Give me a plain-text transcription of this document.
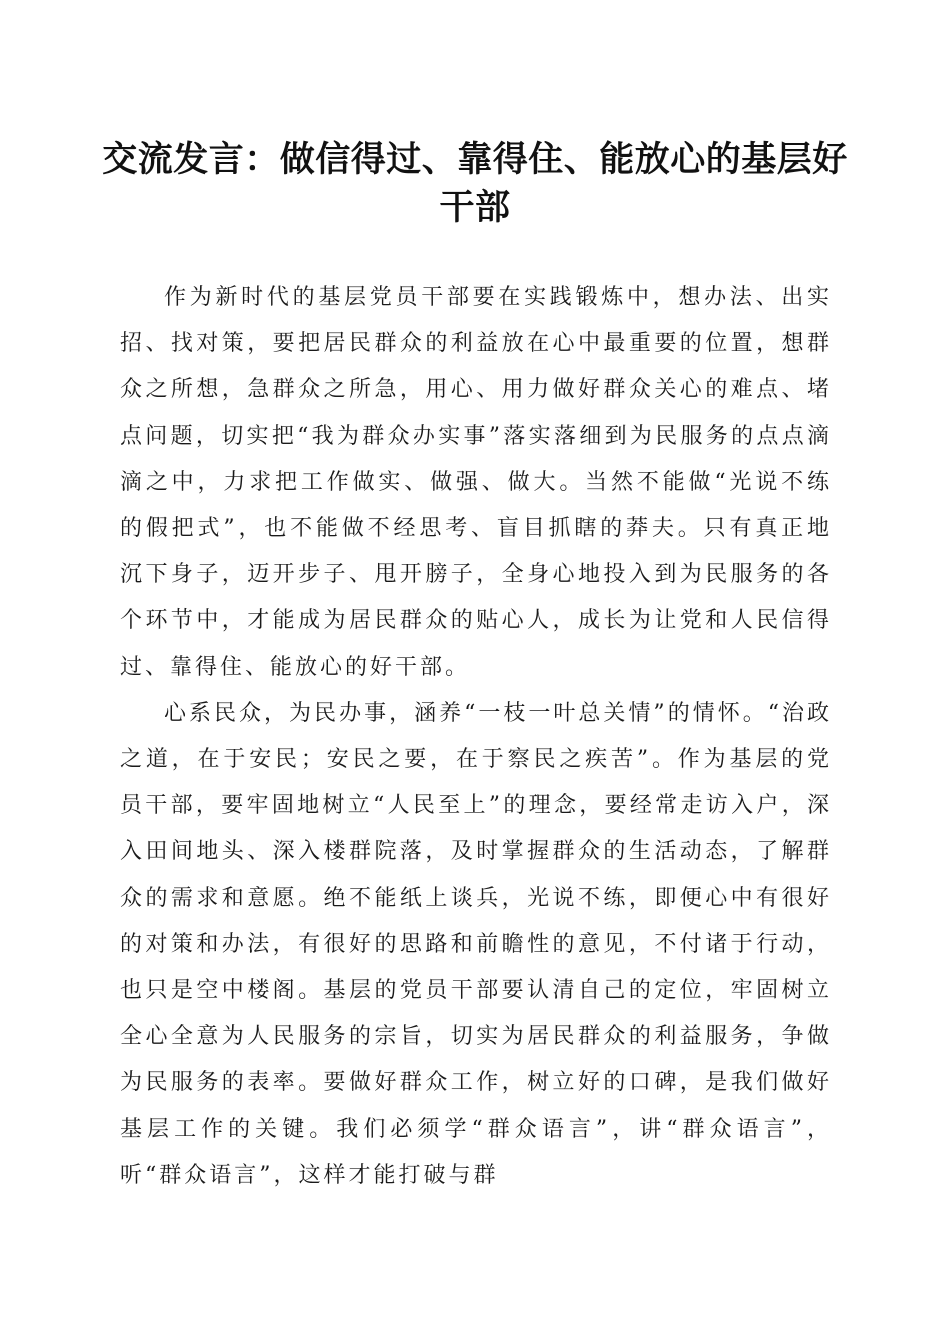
交流发言：做信得过、靠得住、能放心的基层好干部

作为新时代的基层党员干部要在实践锻炼中，想办法、出实招、找对策，要把居民群众的利益放在心中最重要的位置，想群众之所想，急群众之所急，用心、用力做好群众关心的难点、堵点问题，切实把“我为群众办实事”落实落细到为民服务的点点滴滴之中，力求把工作做实、做强、做大。当然不能做“光说不练的假把式”，也不能做不经思考、盲目抓瞎的莽夫。只有真正地沉下身子，迈开步子、甩开膀子，全身心地投入到为民服务的各个环节中，才能成为居民群众的贴心人，成长为让党和人民信得过、靠得住、能放心的好干部。

心系民众，为民办事，涵养“一枝一叶总关情”的情怀。“治政之道，在于安民；安民之要，在于察民之疾苦”。作为基层的党员干部，要牢固地树立“人民至上”的理念，要经常走访入户，深入田间地头、深入楼群院落，及时掌握群众的生活动态，了解群众的需求和意愿。绝不能纸上谈兵，光说不练，即便心中有很好的对策和办法，有很好的思路和前瞻性的意见，不付诸于行动，也只是空中楼阁。基层的党员干部要认清自己的定位，牢固树立全心全意为人民服务的宗旨，切实为居民群众的利益服务，争做为民服务的表率。要做好群众工作，树立好的口碑，是我们做好基层工作的关键。我们必须学“群众语言”，讲“群众语言”，听“群众语言”，这样才能打破与群
